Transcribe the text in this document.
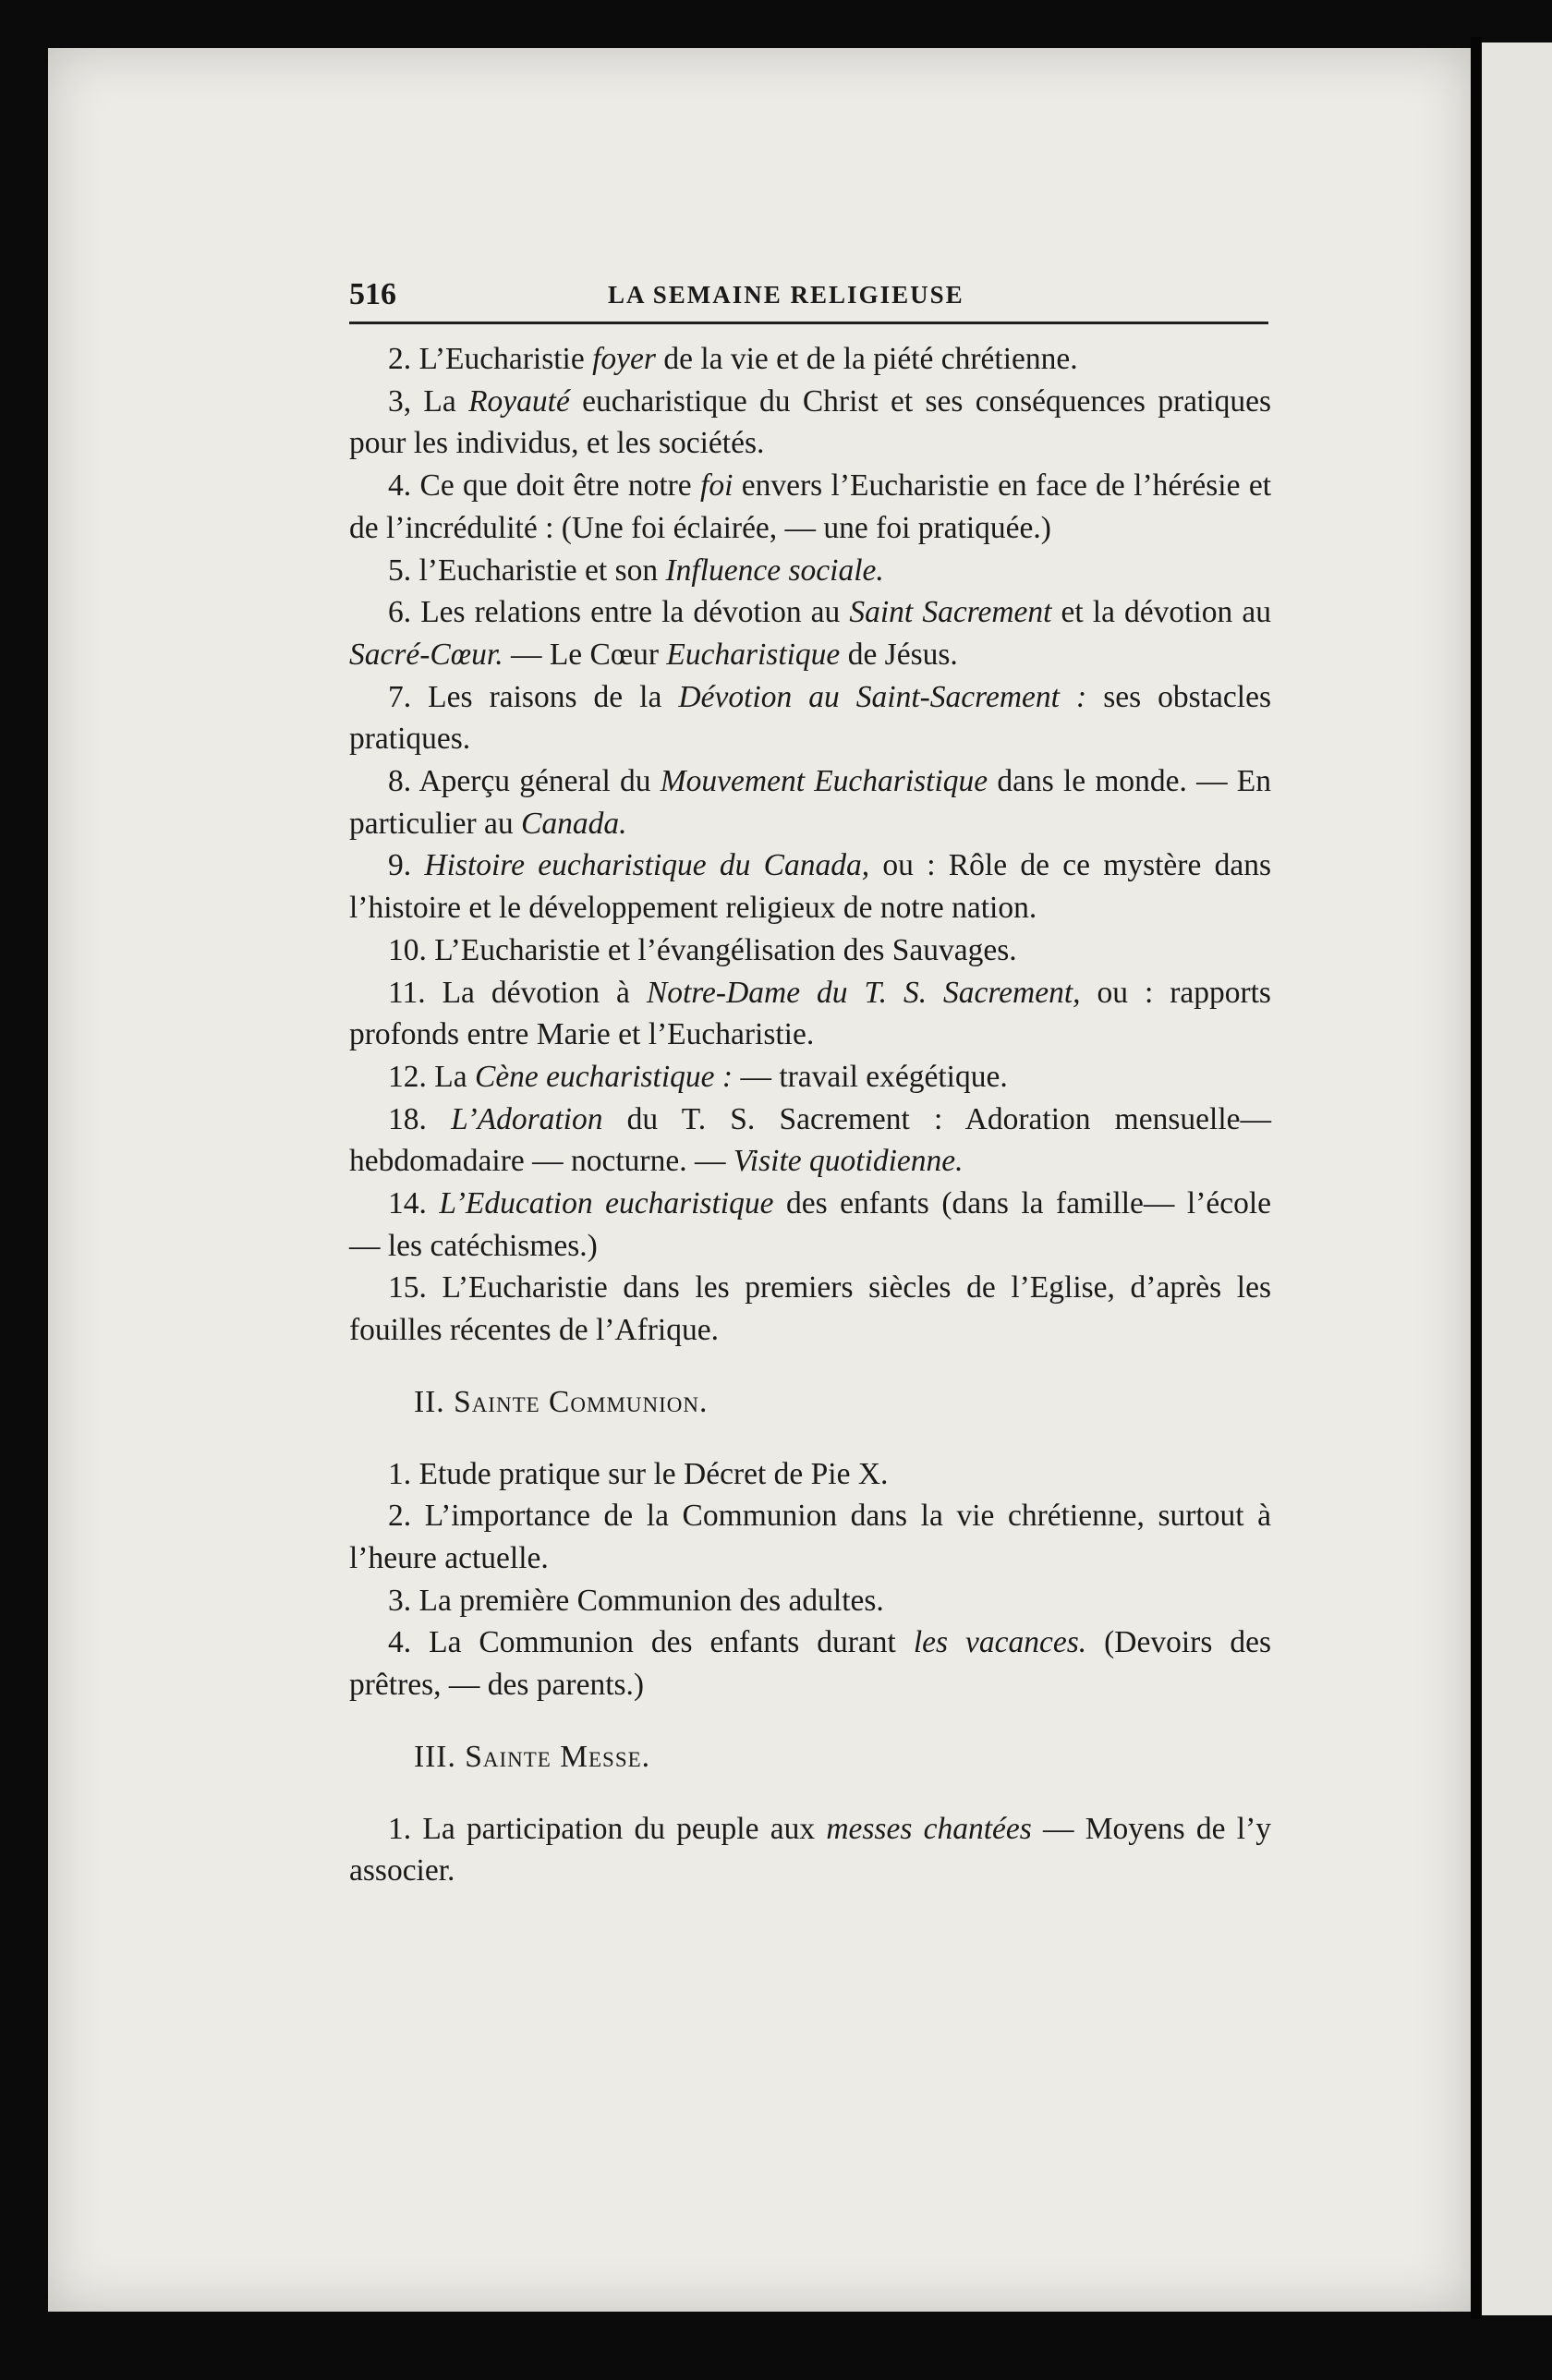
516	LA SEMAINE RELIGIEUSE

2. L’Eucharistie foyer de la vie et de la piété chrétienne.

3, La Royauté eucharistique du Christ et ses conséquences pratiques pour les individus, et les sociétés.

4. Ce que doit être notre foi envers l’Eucharistie en face de l’hérésie et de l’incrédulité : (Une foi éclairée, — une foi pratiquée.)

5. l’Eucharistie et son Influence sociale.

6. Les relations entre la dévotion au Saint Sacrement et la dévotion au Sacré-Cœur. — Le Cœur Eucharistique de Jésus.

7. Les raisons de la Dévotion au Saint-Sacrement : ses obstacles pratiques.

8. Aperçu géneral du Mouvement Eucharistique dans le monde. — En particulier au Canada.

9. Histoire eucharistique du Canada, ou : Rôle de ce mystère dans l’histoire et le développement religieux de notre nation.

10. L’Eucharistie et l’évangélisation des Sauvages.

11. La dévotion à Notre-Dame du T. S. Sacrement, ou : rapports profonds entre Marie et l’Eucharistie.

12. La Cène eucharistique : — travail exégétique.

18. L’Adoration du T. S. Sacrement : Adoration mensuelle— hebdomadaire — nocturne. — Visite quotidienne.

14. L’Education eucharistique des enfants (dans la famille— l’école — les catéchismes.)

15. L’Eucharistie dans les premiers siècles de l’Eglise, d’après les fouilles récentes de l’Afrique.

II. Sainte Communion.

1. Etude pratique sur le Décret de Pie X.

2. L’importance de la Communion dans la vie chrétienne, surtout à l’heure actuelle.

3. La première Communion des adultes.

4. La Communion des enfants durant les vacances. (Devoirs des prêtres, — des parents.)

III. Sainte Messe.

1. La participation du peuple aux messes chantées — Moyens de l’y associer.
